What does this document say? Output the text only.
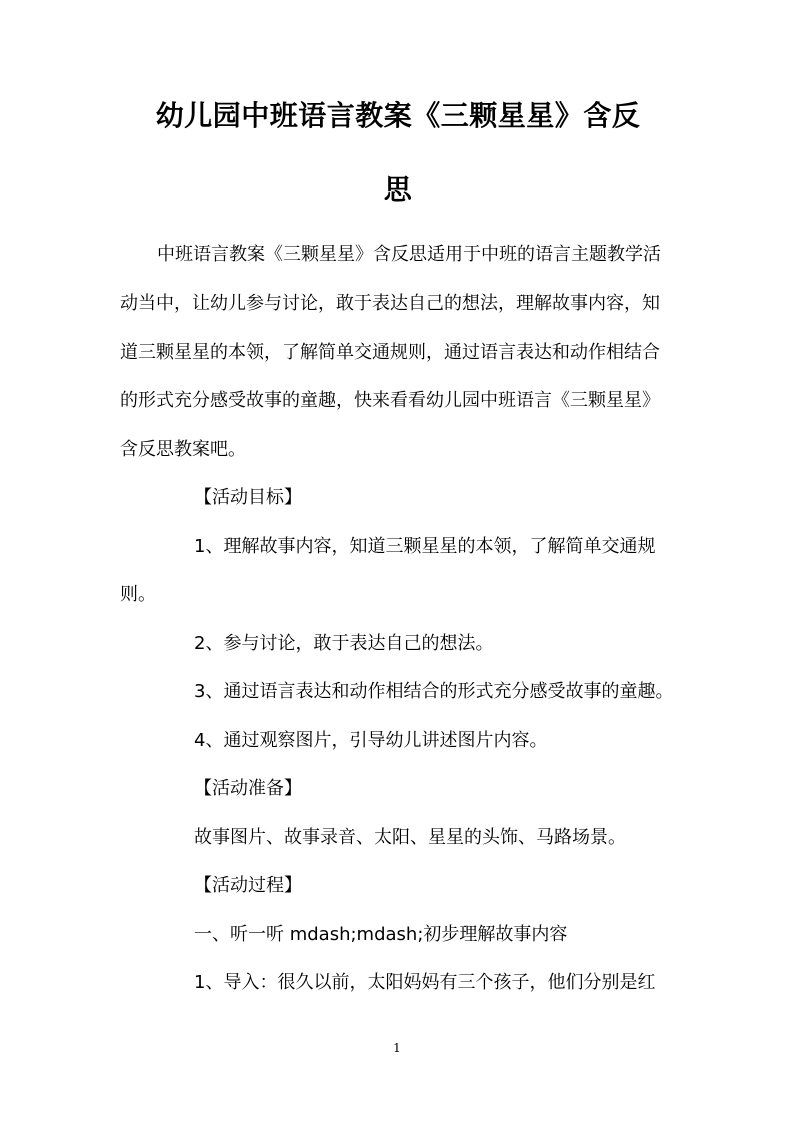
幼儿园中班语言教案《三颗星星》含反
思
中班语言教案《三颗星星》含反思适用于中班的语言主题教学活
动当中，让幼儿参与讨论，敢于表达自己的想法，理解故事内容，知
道三颗星星的本领，了解简单交通规则，通过语言表达和动作相结合
的形式充分感受故事的童趣，快来看看幼儿园中班语言《三颗星星》
含反思教案吧。
【活动目标】
1、理解故事内容，知道三颗星星的本领，了解简单交通规
则。
2、参与讨论，敢于表达自己的想法。
3、通过语言表达和动作相结合的形式充分感受故事的童趣。
4、通过观察图片，引导幼儿讲述图片内容。
【活动准备】
故事图片、故事录音、太阳、星星的头饰、马路场景。
【活动过程】
一、听一听 mdash;mdash;初步理解故事内容
1、导入：很久以前，太阳妈妈有三个孩子，他们分别是红
1
